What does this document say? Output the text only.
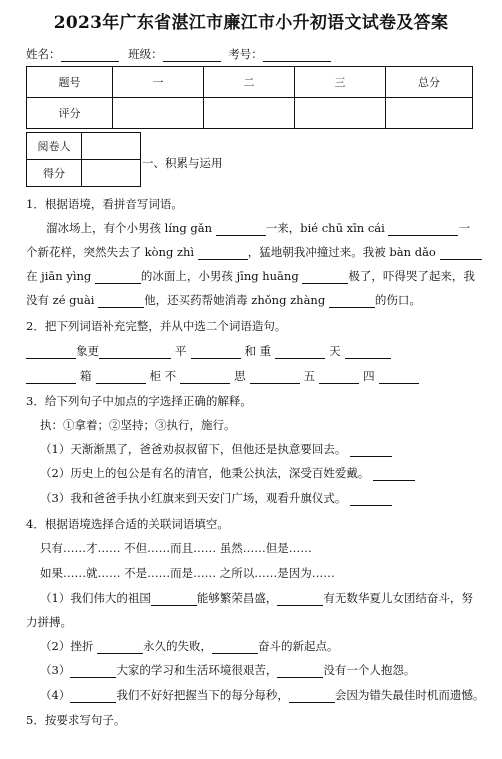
2023年广东省湛江市廉江市小升初语文试卷及答案
姓名：	班级：	考号：
题号	一	二	三	总分
评分				
阅卷人	
得分	
一、积累与运用
1．根据语境，看拼音写词语。
溜冰场上，有个小男孩 líng gǎn	一来，bié chū xīn cái	一
个新花样，突然失去了 kòng zhì	，猛地朝我冲撞过来。我被 bàn dǎo
在 jiān yìng	的冰面上，小男孩 jīng huāng	极了，吓得哭了起来，我
没有 zé guài	他，还买药帮她消毒 zhǒng zhàng	的伤口。
2．把下列词语补充完整，并从中选二个词语造句。
象更	平	和 重	天
箱	柜 不	思	五	四
3．给下列句子中加点的字选择正确的解释。
执：①拿着；②坚持；③执行，施行。
（1）天渐渐黑了，爸爸劝叔叔留下，但他还是执意要回去。
（2）历史上的包公是有名的清官，他秉公执法，深受百姓爱戴。
（3）我和爸爸手执小红旗来到天安门广场，观看升旗仪式。
4．根据语境选择合适的关联词语填空。
只有……才…… 不但……而且…… 虽然……但是……
如果……就…… 不是……而是…… 之所以……是因为……
（1）我们伟大的祖国	能够繁荣昌盛，	有无数华夏儿女团结奋斗，努
力拼搏。
（2）挫折	永久的失败，	奋斗的新起点。
（3）	大家的学习和生活环境很艰苦，	没有一个人抱怨。
（4）	我们不好好把握当下的每分每秒，	会因为错失最佳时机而遗憾。
5．按要求写句子。
